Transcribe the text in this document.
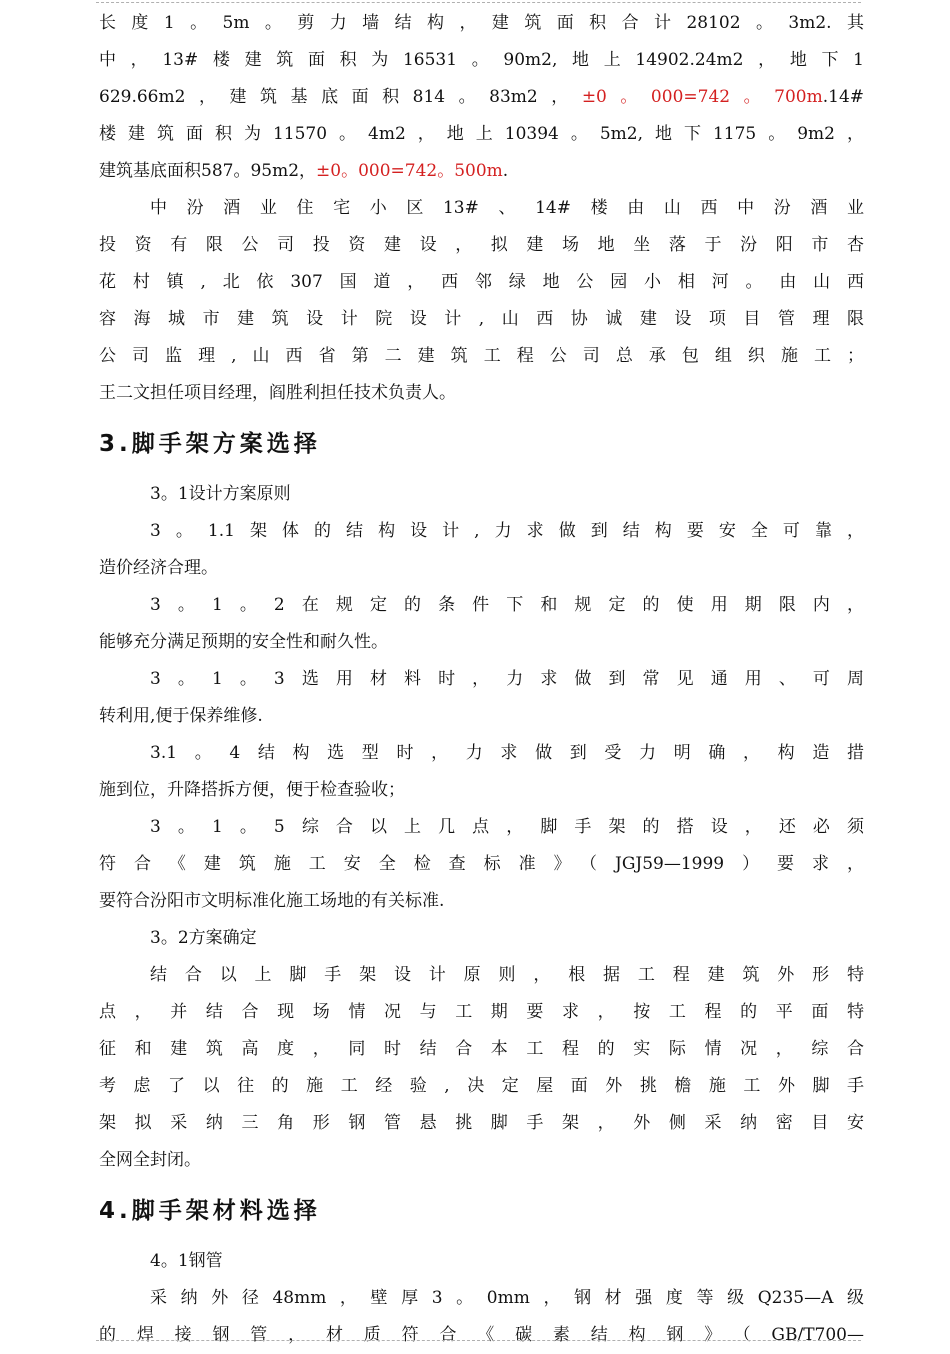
长度1。5m。剪力墙结构，建筑面积合计28102。3m2.其
中，13#楼建筑面积为16531。90m2,地上14902.24m2，地下1
629.66m2，建筑基底面积814。83m2，±0。000=742。700m.14#
楼建筑面积为11570。4m2，地上10394。5m2,地下1175。9m2，
建筑基底面积587。95m2，±0。000=742。500m.
中汾酒业住宅小区13#、14#楼由山西中汾酒业
投资有限公司投资建设，拟建场地坐落于汾阳市杏
花村镇,北依307国道，西邻绿地公园小相河。由山西
容海城市建筑设计院设计,山西协诚建设项目管理限
公司监理,山西省第二建筑工程公司总承包组织施工；
王二文担任项目经理，阎胜利担任技术负责人。
3.脚手架方案选择
3。1设计方案原则
3。1.1架体的结构设计,力求做到结构要安全可靠，
造价经济合理。
3。1。2在规定的条件下和规定的使用期限内，
能够充分满足预期的安全性和耐久性。
3。1。3选用材料时，力求做到常见通用、可周
转利用,便于保养维修.
3.1。4结构选型时，力求做到受力明确，构造措
施到位，升降搭拆方便，便于检查验收；
3。1。5综合以上几点，脚手架的搭设，还必须
符合《建筑施工安全检查标准》（JGJ59—1999）要求，
要符合汾阳市文明标准化施工场地的有关标准.
3。2方案确定
结合以上脚手架设计原则，根据工程建筑外形特
点，并结合现场情况与工期要求，按工程的平面特
征和建筑高度，同时结合本工程的实际情况，综合
考虑了以往的施工经验,决定屋面外挑檐施工外脚手
架拟采纳三角形钢管悬挑脚手架，外侧采纳密目安
全网全封闭。
4.脚手架材料选择
4。1钢管
采纳外径48mm，壁厚3。0mm，钢材强度等级Q235—A级
的焊接钢管，材质符合《碳素结构钢》（GB/T700—
